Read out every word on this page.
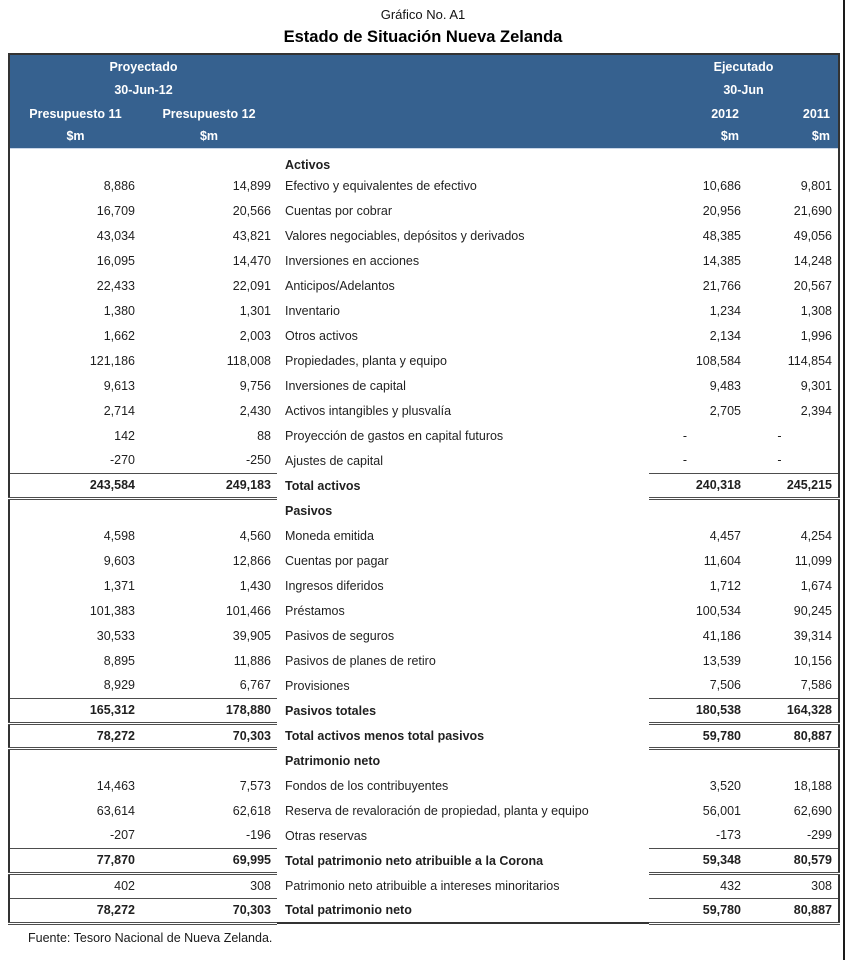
Gráfico No. A1
Estado de Situación Nueva Zelanda
Proyectado			Ejecutado	
30-Jun-12			30-Jun	
Presupuesto 11	Presupuesto 12		2012	2011
$m	$m		$m	$m
		Activos		
8,886	14,899	Efectivo y equivalentes de efectivo	10,686	9,801
16,709	20,566	Cuentas por cobrar	20,956	21,690
43,034	43,821	Valores negociables, depósitos y derivados	48,385	49,056
16,095	14,470	Inversiones en acciones	14,385	14,248
22,433	22,091	Anticipos/Adelantos	21,766	20,567
1,380	1,301	Inventario	1,234	1,308
1,662	2,003	Otros activos	2,134	1,996
121,186	118,008	Propiedades, planta y equipo	108,584	114,854
9,613	9,756	Inversiones de capital	9,483	9,301
2,714	2,430	Activos intangibles y plusvalía	2,705	2,394
142	88	Proyección de gastos en capital futuros	-	-
-270	-250	Ajustes de capital	-	-
243,584	249,183	Total activos	240,318	245,215
		Pasivos		
4,598	4,560	Moneda emitida	4,457	4,254
9,603	12,866	Cuentas por pagar	11,604	11,099
1,371	1,430	Ingresos diferidos	1,712	1,674
101,383	101,466	Préstamos	100,534	90,245
30,533	39,905	Pasivos de seguros	41,186	39,314
8,895	11,886	Pasivos de planes de retiro	13,539	10,156
8,929	6,767	Provisiones	7,506	7,586
165,312	178,880	Pasivos totales	180,538	164,328
78,272	70,303	Total activos menos total pasivos	59,780	80,887
		Patrimonio neto		
14,463	7,573	Fondos de los contribuyentes	3,520	18,188
63,614	62,618	Reserva de revaloración de propiedad, planta y equipo	56,001	62,690
-207	-196	Otras reservas	-173	-299
77,870	69,995	Total patrimonio neto atribuible a la Corona	59,348	80,579
402	308	Patrimonio neto atribuible a intereses minoritarios	432	308
78,272	70,303	Total patrimonio neto	59,780	80,887
Fuente: Tesoro Nacional de Nueva Zelanda.
